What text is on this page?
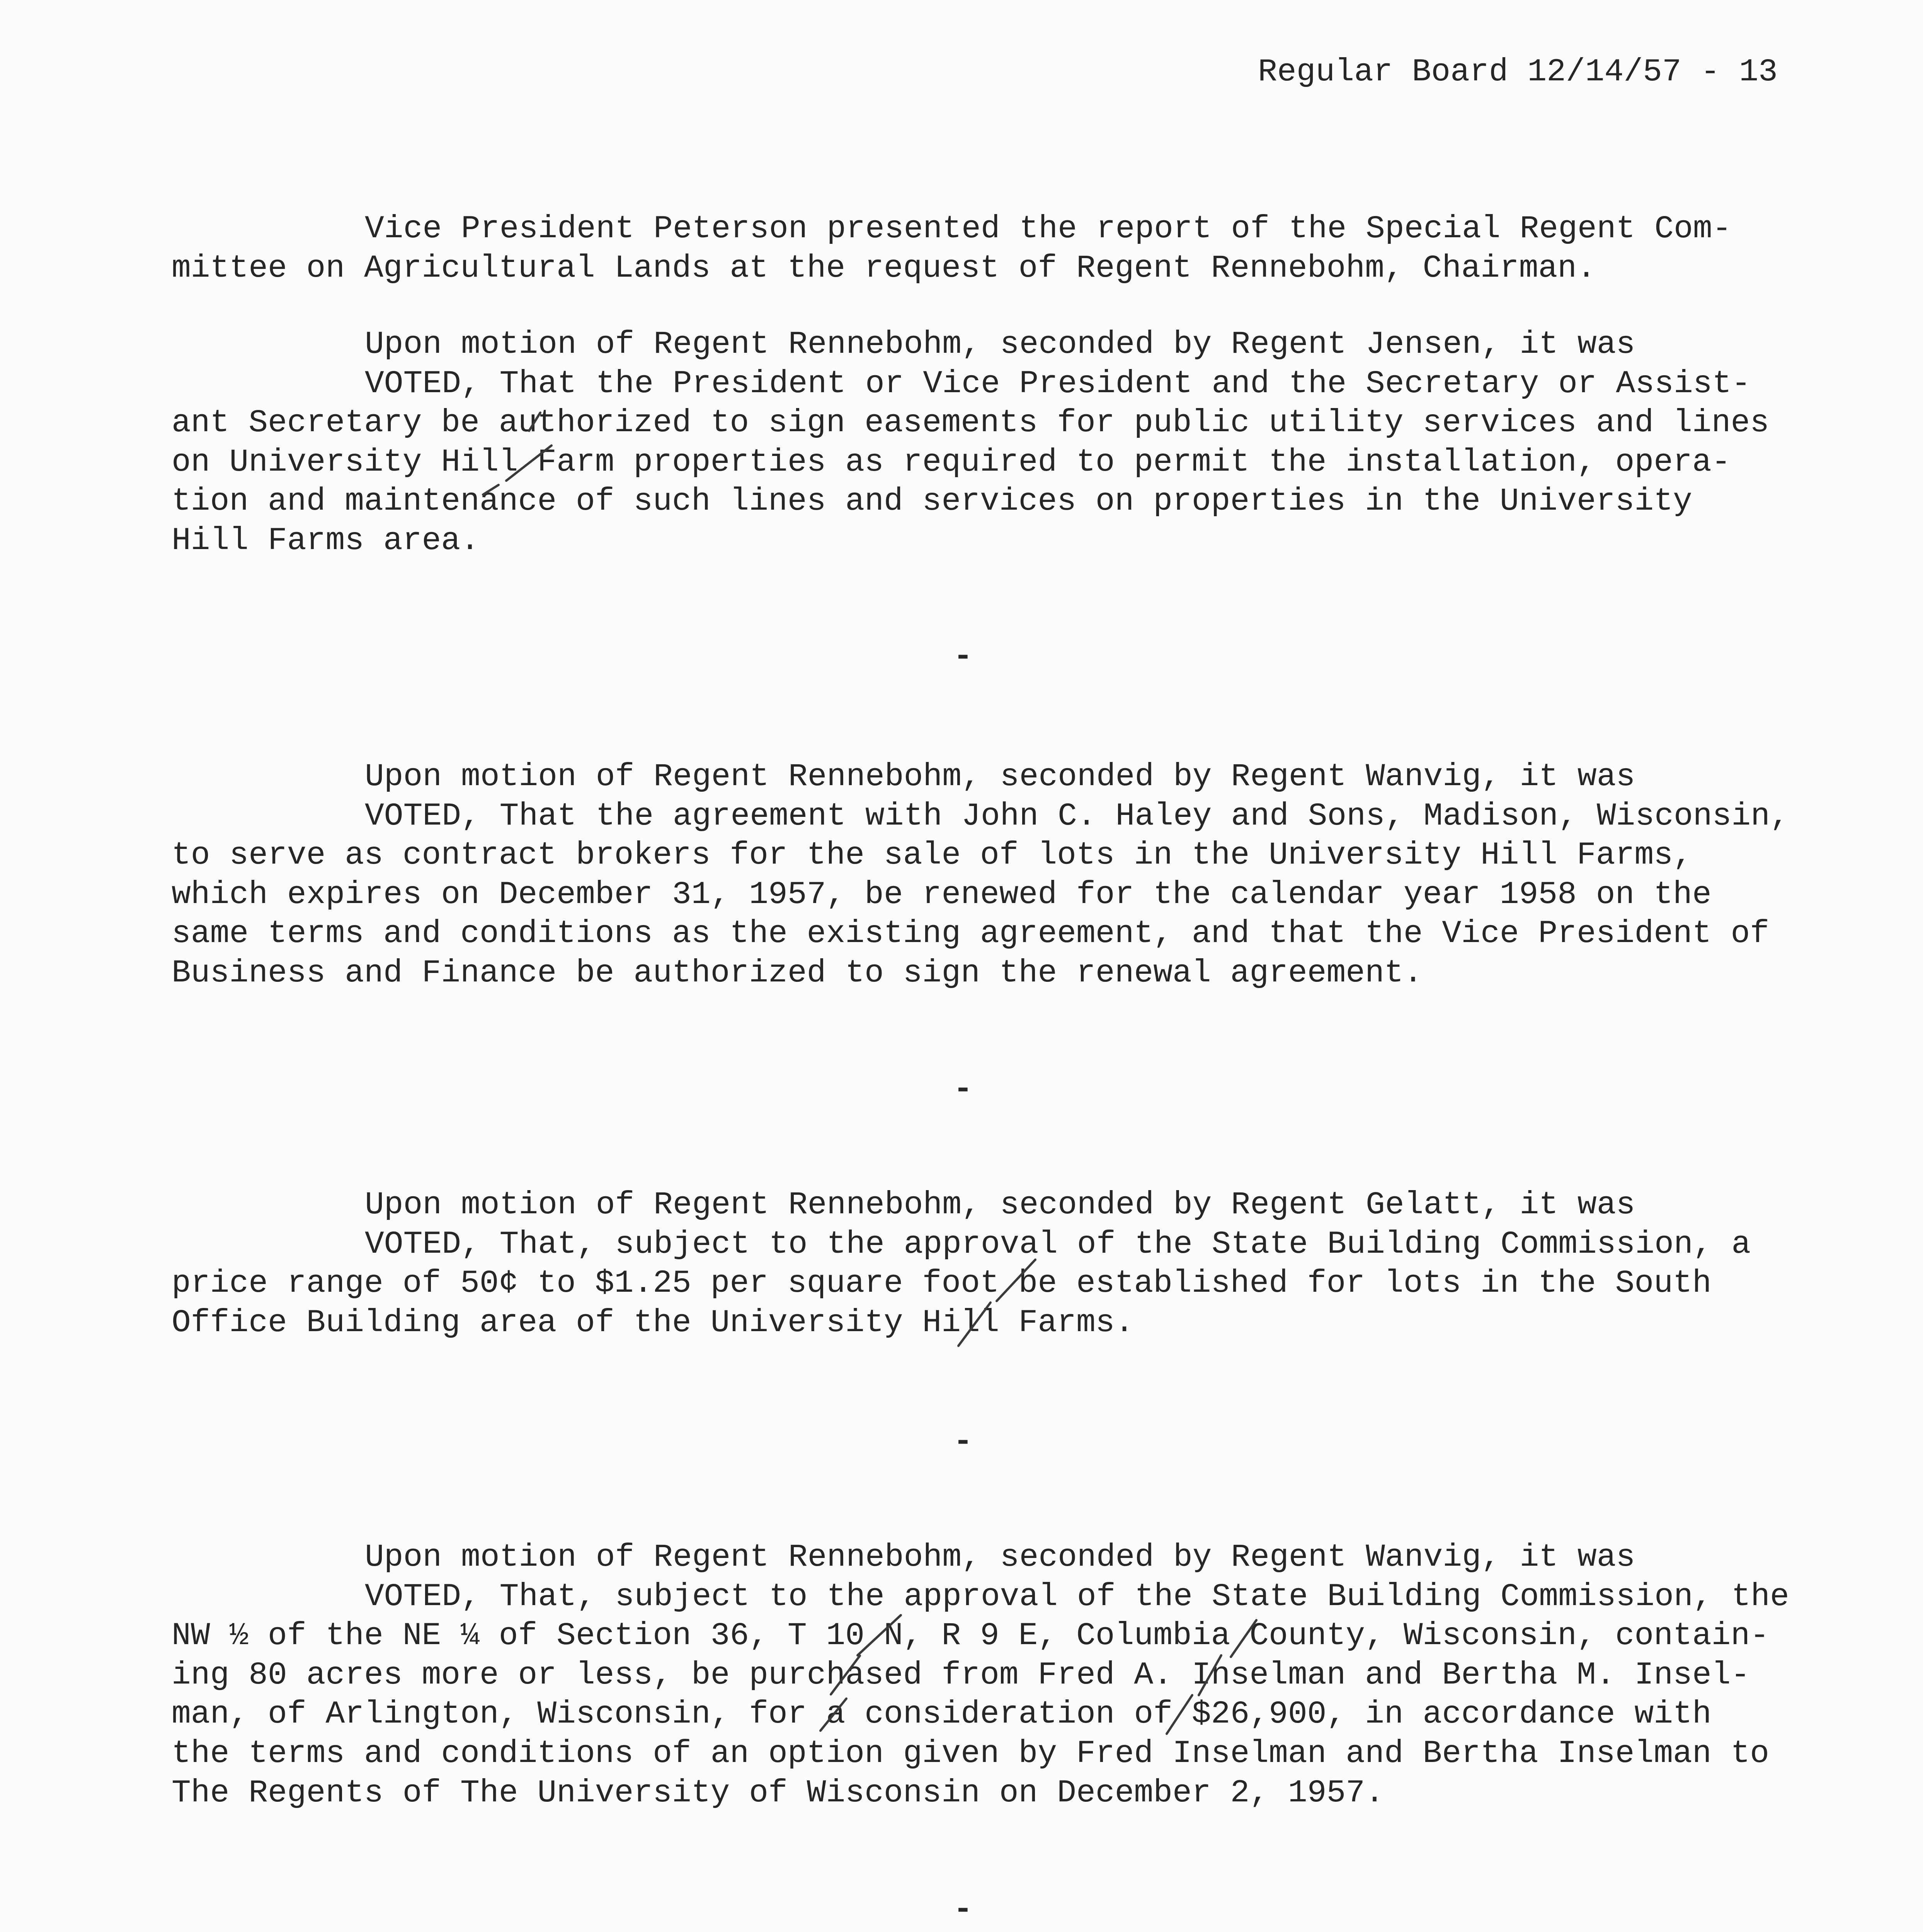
Regular Board 12/14/57 - 13
Vice President Peterson presented the report of the Special Regent Com-
mittee on Agricultural Lands at the request of Regent Rennebohm, Chairman.
Upon motion of Regent Rennebohm, seconded by Regent Jensen, it was
VOTED, That the President or Vice President and the Secretary or Assist-
ant Secretary be authorized to sign easements for public utility services and lines
on University Hill Farm properties as required to permit the installation, opera-
tion and maintenance of such lines and services on properties in the University
Hill Farms area.
-
Upon motion of Regent Rennebohm, seconded by Regent Wanvig, it was
VOTED, That the agreement with John C. Haley and Sons, Madison, Wisconsin,
to serve as contract brokers for the sale of lots in the University Hill Farms,
which expires on December 31, 1957, be renewed for the calendar year 1958 on the
same terms and conditions as the existing agreement, and that the Vice President of
Business and Finance be authorized to sign the renewal agreement.
-
Upon motion of Regent Rennebohm, seconded by Regent Gelatt, it was
VOTED, That, subject to the approval of the State Building Commission, a
price range of 50¢ to $1.25 per square foot be established for lots in the South
Office Building area of the University Hill Farms.
-
Upon motion of Regent Rennebohm, seconded by Regent Wanvig, it was
VOTED, That, subject to the approval of the State Building Commission, the
NW ½ of the NE ¼ of Section 36, T 10 N, R 9 E, Columbia County, Wisconsin, contain-
ing 80 acres more or less, be purchased from Fred A. Inselman and Bertha M. Insel-
man, of Arlington, Wisconsin, for a consideration of $26,900, in accordance with
the terms and conditions of an option given by Fred Inselman and Bertha Inselman to
The Regents of The University of Wisconsin on December 2, 1957.
-
